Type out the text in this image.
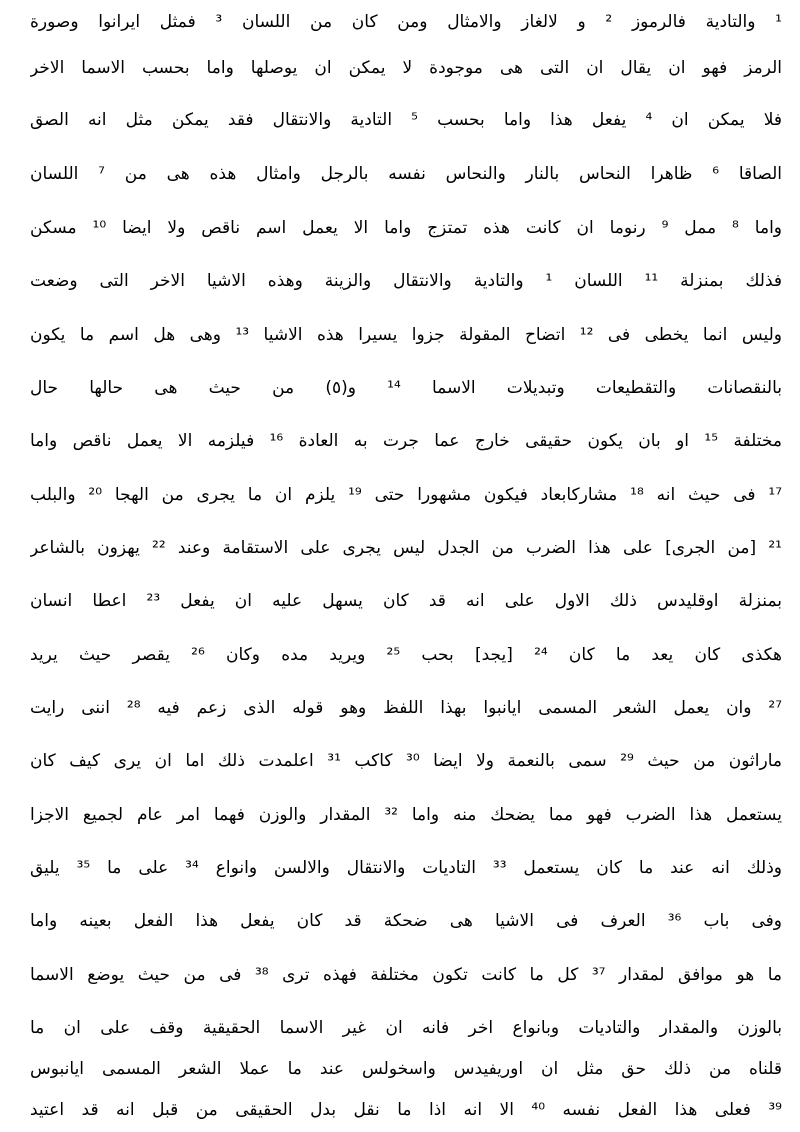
¹ والتادية فالرموز ² و لالغاز والامثال ومن كان من اللسان ³ فمثل ايرانوا وصورة
الرمز فهو ان يقال ان التى هى موجودة لا يمكن ان يوصلها واما بحسب الاسما الاخر
فلا يمكن ان ⁴ يفعل هذا واما بحسب ⁵ التادية والانتقال فقد يمكن مثل انه الصق
الصاقا ⁶ ظاهرا النحاس بالنار والنحاس نفسه بالرجل وامثال هذه هى من ⁷ اللسان
واما ⁸ ممل ⁹ رنوما ان كانت هذه تمتزج واما الا يعمل اسم ناقص ولا ايضا ¹⁰ مسكن
فذلك بمنزلة ¹¹ اللسان ¹ والتادية والانتقال والزينة وهذه الاشيا الاخر التى وضعت
وليس انما يخطى فى ¹² اتضاح المقولة جزوا يسيرا هذه الاشيا ¹³ وهى هل اسم ما يكون
بالنقصانات والتقطيعات وتبديلات الاسما ¹⁴ و(٥) من حيث هى حالها حال
مختلفة ¹⁵ او بان يكون حقيقى خارج عما جرت به العادة ¹⁶ فيلزمه الا يعمل ناقص واما
¹⁷ فى حيث انه ¹⁸ مشاركابعاد فيكون مشهورا حتى ¹⁹ يلزم ان ما يجرى من الهجا ²⁰ والبلب
²¹ [من الجرى] على هذا الضرب من الجدل ليس يجرى على الاستقامة وعند ²² يهزون بالشاعر
بمنزلة اوقليدس ذلك الاول على انه قد كان يسهل عليه ان يفعل ²³ اعطا انسان
هكذى كان يعد ما كان ²⁴ [يجد] بحب ²⁵ ويريد مده وكان ²⁶ يقصر حيث يريد
²⁷ وان يعمل الشعر المسمى ايانبوا بهذا اللفظ وهو قوله الذى زعم فيه ²⁸ اننى رايت
ماراثون من حيث ²⁹ سمى بالنعمة ولا ايضا ³⁰ كاكب ³¹ اعلمدت ذلك اما ان يرى كيف كان
يستعمل هذا الضرب فهو مما يضحك منه واما ³² المقدار والوزن فهما امر عام لجميع الاجزا
وذلك انه عند ما كان يستعمل ³³ التاديات والانتقال والالسن وانواع ³⁴ على ما ³⁵ يليق
وفى باب ³⁶ العرف فى الاشيا هى ضحكة قد كان يفعل هذا الفعل بعينه واما
ما هو موافق لمقدار ³⁷ كل ما كانت تكون مختلفة فهذه ترى ³⁸ فى من حيث يوضع الاسما
بالوزن والمقدار والتاديات وبانواع اخر فانه ان غير الاسما الحقيقية وقف على ان ما
قلناه من ذلك حق مثل ان اوريفيدس واسخولس عند ما عملا الشعر المسمى ايانبوس
³⁹ فعلى هذا الفعل نفسه ⁴⁰ الا انه اذا ما نقل بدل الحقيقى من قبل انه قد اعتيد
